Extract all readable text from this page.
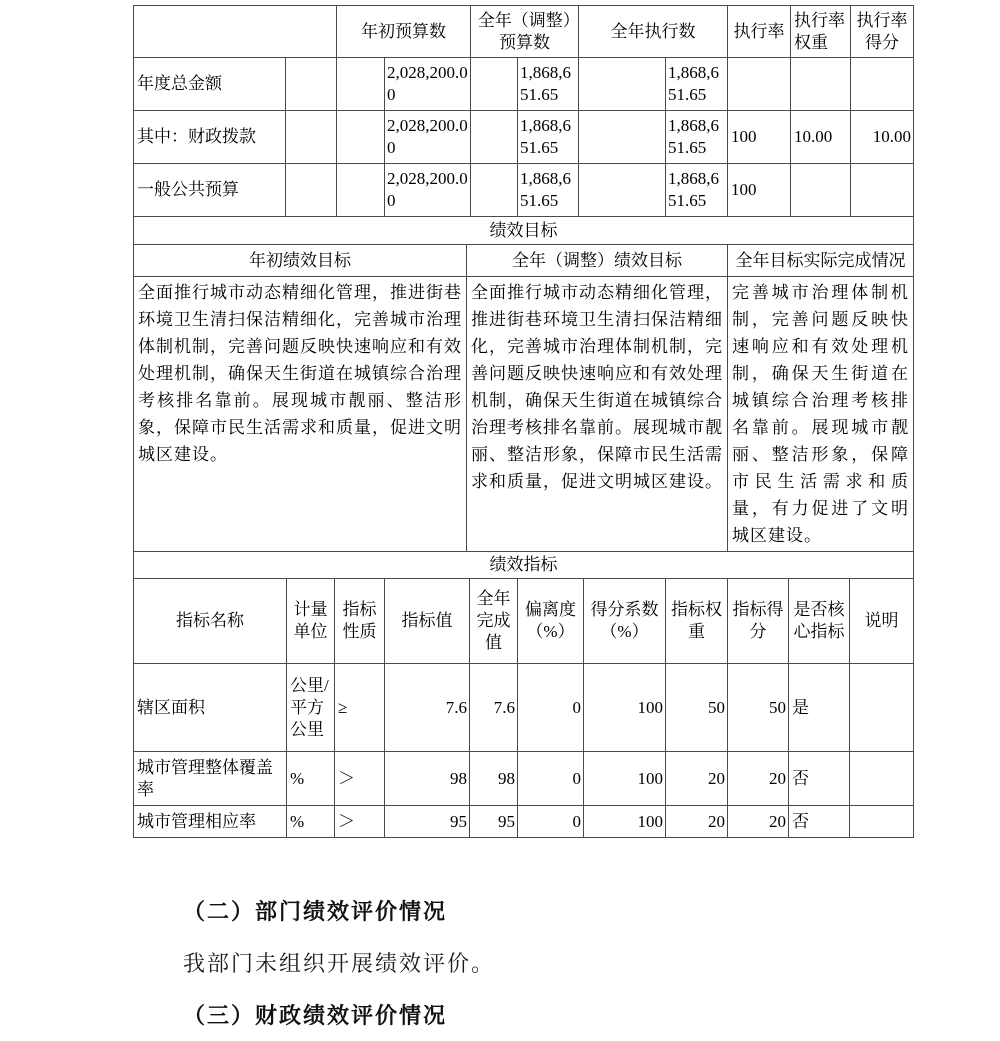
		年初预算数		全年（调整）预算数		全年执行数		执行率	执行率权重	执行率得分
年度总金额			2,028,200.00		1,868,651.65		1,868,651.65			
其中：财政拨款			2,028,200.00		1,868,651.65		1,868,651.65	100	10.00	10.00
一般公共预算			2,028,200.00		1,868,651.65		1,868,651.65	100		
绩效目标		
年初绩效目标	全年（调整）绩效目标	全年目标实际完成情况
全面推行城市动态精细化管理，推进街巷环境卫生清扫保洁精细化，完善城市治理体制机制，完善问题反映快速响应和有效处理机制，确保天生街道在城镇综合治理考核排名靠前。展现城市靓丽、整洁形象，保障市民生活需求和质量，促进文明城区建设。	全面推行城市动态精细化管理，推进街巷环境卫生清扫保洁精细化，完善城市治理体制机制，完善问题反映快速响应和有效处理机制，确保天生街道在城镇综合治理考核排名靠前。展现城市靓丽、整洁形象，保障市民生活需求和质量，促进文明城区建设。	完善城市治理体制机制，完善问题反映快速响应和有效处理机制，确保天生街道在城镇综合治理考核排名靠前。展现城市靓丽、整洁形象，保障市民生活需求和质量，有力促进了文明城区建设。
绩效指标										
指标名称	计量单位	指标性质	指标值	全年完成值	偏离度（%）	得分系数（%）	指标权重	指标得分	是否核心指标	说明
辖区面积	公里/平方公里	≥	7.6	7.6	0	100	50	50	是	
城市管理整体覆盖率	%	＞	98	98	0	100	20	20	否	
城市管理相应率	%	＞	95	95	0	100	20	20	否	
（二）部门绩效评价情况
我部门未组织开展绩效评价。
（三）财政绩效评价情况
